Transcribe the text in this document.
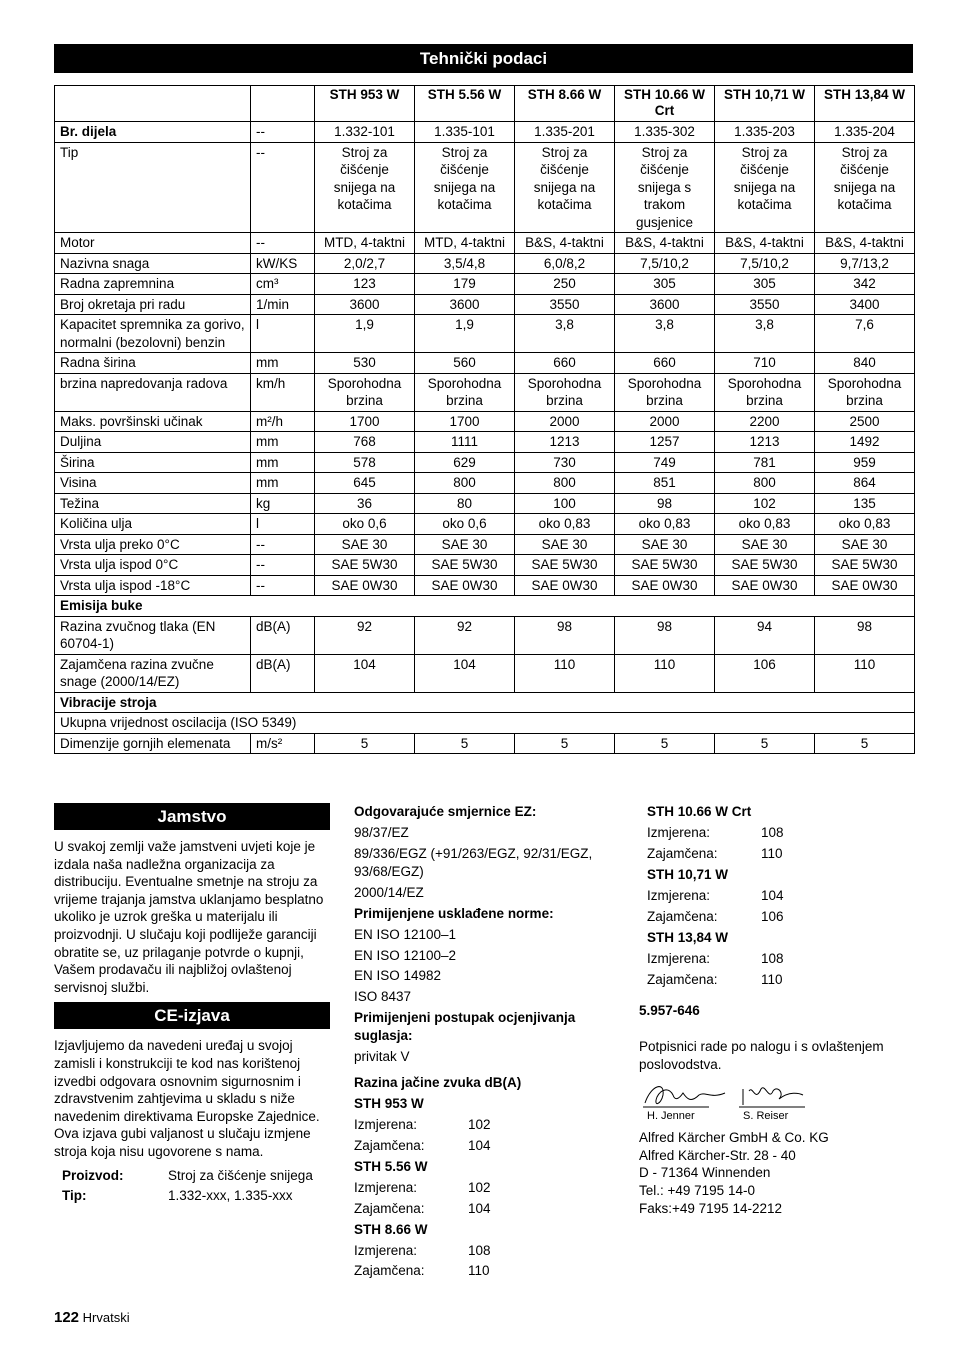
Tehnički podaci
		STH 953 W	STH 5.56 W	STH 8.66 W	STH 10.66 W Crt	STH 10,71 W	STH 13,84 W
Br. dijela	--	1.332-101	1.335-101	1.335-201	1.335-302	1.335-203	1.335-204
Tip	--	Stroj za čišćenje snijega na kotačima	Stroj za čišćenje snijega na kotačima	Stroj za čišćenje snijega na kotačima	Stroj za čišćenje snijega s trakom gusjenice	Stroj za čišćenje snijega na kotačima	Stroj za čišćenje snijega na kotačima
Motor	--	MTD, 4-taktni	MTD, 4-taktni	B&S, 4-taktni	B&S, 4-taktni	B&S, 4-taktni	B&S, 4-taktni
Nazivna snaga	kW/KS	2,0/2,7	3,5/4,8	6,0/8,2	7,5/10,2	7,5/10,2	9,7/13,2
Radna zapremnina	cm³	123	179	250	305	305	342
Broj okretaja pri radu	1/min	3600	3600	3550	3600	3550	3400
Kapacitet spremnika za gorivo, normalni (bezolovni) benzin	l	1,9	1,9	3,8	3,8	3,8	7,6
Radna širina	mm	530	560	660	660	710	840
brzina napredovanja radova	km/h	Sporohodna brzina	Sporohodna brzina	Sporohodna brzina	Sporohodna brzina	Sporohodna brzina	Sporohodna brzina
Maks. površinski učinak	m²/h	1700	1700	2000	2000	2200	2500
Duljina	mm	768	1111	1213	1257	1213	1492
Širina	mm	578	629	730	749	781	959
Visina	mm	645	800	800	851	800	864
Težina	kg	36	80	100	98	102	135
Količina ulja	l	oko 0,6	oko 0,6	oko 0,83	oko 0,83	oko 0,83	oko 0,83
Vrsta ulja preko 0°C	--	SAE 30	SAE 30	SAE 30	SAE 30	SAE 30	SAE 30
Vrsta ulja ispod 0°C	--	SAE 5W30	SAE 5W30	SAE 5W30	SAE 5W30	SAE 5W30	SAE 5W30
Vrsta ulja ispod -18°C	--	SAE 0W30	SAE 0W30	SAE 0W30	SAE 0W30	SAE 0W30	SAE 0W30
Emisija buke							
Razina zvučnog tlaka (EN 60704-1)	dB(A)	92	92	98	98	94	98
Zajamčena razina zvučne snage (2000/14/EZ)	dB(A)	104	104	110	110	106	110
Vibracije stroja							
Ukupna vrijednost oscilacija (ISO 5349)							
Dimenzije gornjih elemenata	m/s²	5	5	5	5	5	5
Jamstvo
U svakoj zemlji važe jamstveni uvjeti koje je izdala naša nadležna organizacija za distribuciju. Eventualne smetnje na stroju za vrijeme trajanja jamstva uklanjamo besplatno ukoliko je uzrok greška u materijalu ili proizvodnji. U slučaju koji podliježe garanciji obratite se, uz prilaganje potvrde o kupnji, Vašem prodavaču ili najbližoj ovlaštenoj servisnoj službi.
CE-izjava
Izjavljujemo da navedeni uređaj u svojoj zamisli i konstrukciji te kod nas korištenoj izvedbi odgovara osnovnim sigurnosnim i zdravstvenim zahtjevima u skladu s niže navedenim direktivama Europske Zajednice. Ova izjava gubi valjanost u slučaju izmjene stroja koja nisu ugovorene s nama.
Proizvod:	Stroj za čišćenje snijega
Tip:	1.332-xxx, 1.335-xxx
Odgovarajuće smjernice EZ:
98/37/EZ
89/336/EGZ (+91/263/EGZ, 92/31/EGZ, 93/68/EGZ)
2000/14/EZ
Primijenjene usklađene norme:
EN ISO 12100–1
EN ISO 12100–2
EN ISO 14982
ISO 8437
Primijenjeni postupak ocjenjivanja suglasja:
privitak V
Razina jačine zvuka dB(A)
STH 953 W
Izmjerena:	102
Zajamčena:	104
STH 5.56 W
Izmjerena:	102
Zajamčena:	104
STH 8.66 W
Izmjerena:	108
Zajamčena:	110
STH 10.66 W Crt
Izmjerena:	108
Zajamčena:	110
STH 10,71 W
Izmjerena:	104
Zajamčena:	106
STH 13,84 W
Izmjerena:	108
Zajamčena:	110
5.957-646
Potpisnici rade po nalogu i s ovlaštenjem poslovodstva.
H. Jenner	S. Reiser
Alfred Kärcher GmbH & Co. KG
Alfred Kärcher-Str. 28 - 40
D - 71364 Winnenden
Tel.: +49 7195 14-0
Faks:+49 7195 14-2212
122 Hrvatski
